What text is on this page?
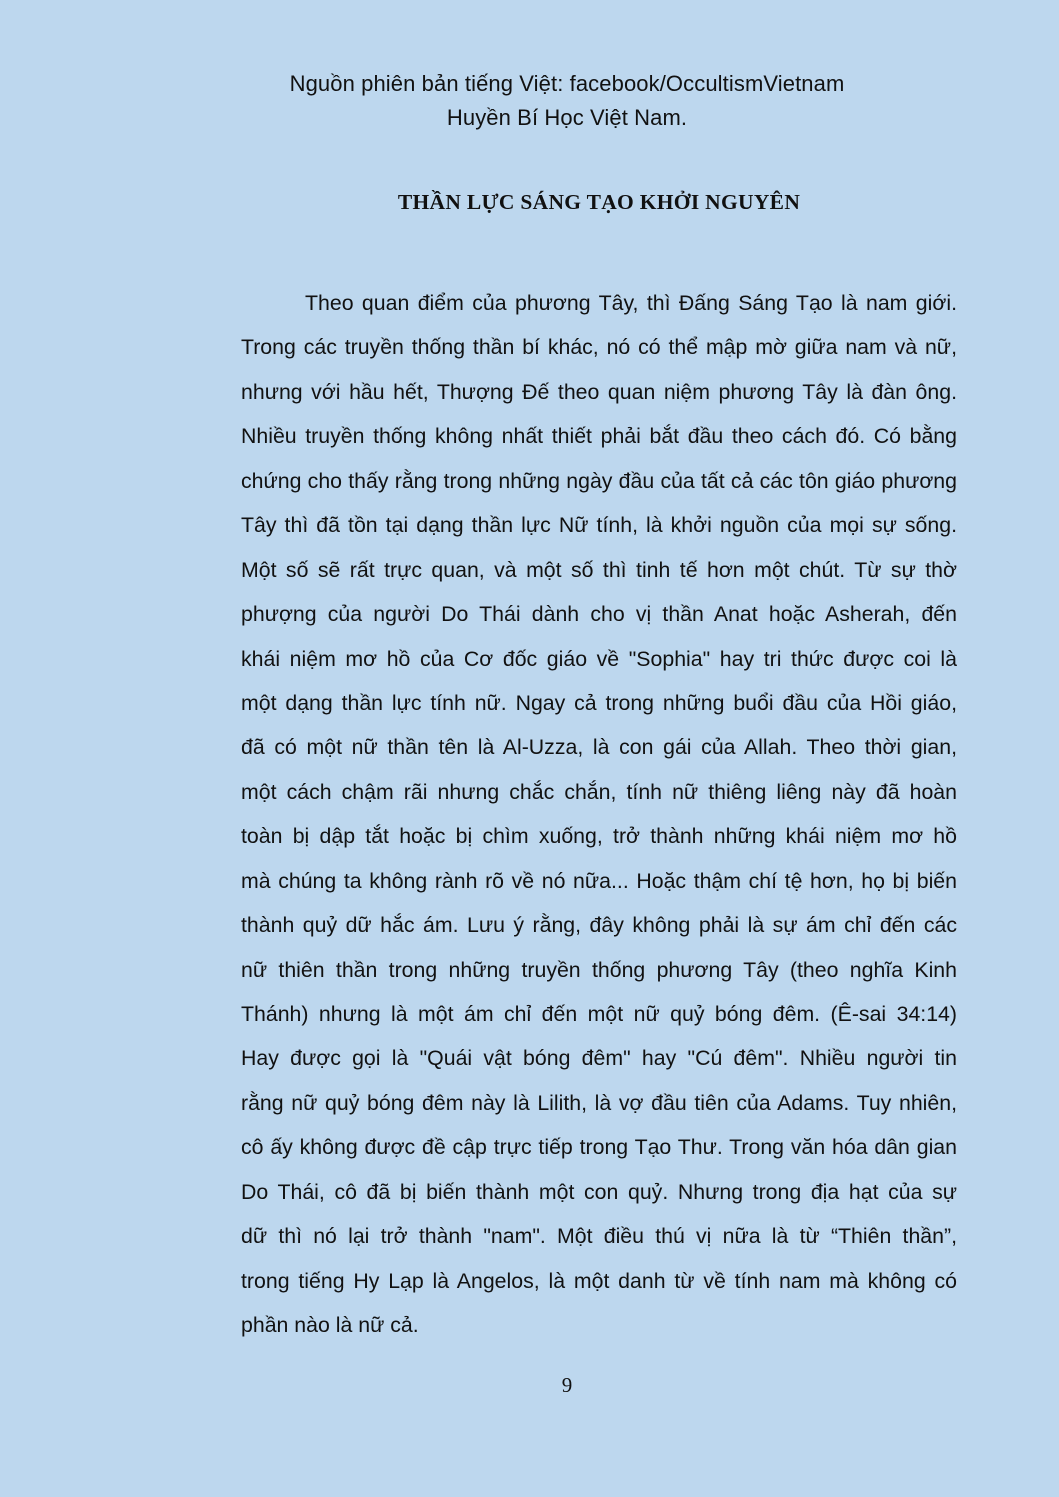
Nguồn phiên bản tiếng Việt: facebook/OccultismVietnam
Huyền Bí Học Việt Nam.
THẦN LỰC SÁNG TẠO KHỞI NGUYÊN
Theo quan điểm của phương Tây, thì Đấng Sáng Tạo là nam giới.
Trong các truyền thống thần bí khác, nó có thể mập mờ giữa nam và nữ,
nhưng với hầu hết, Thượng Đế theo quan niệm phương Tây là đàn ông.
Nhiều truyền thống không nhất thiết phải bắt đầu theo cách đó. Có bằng
chứng cho thấy rằng trong những ngày đầu của tất cả các tôn giáo phương
Tây thì đã tồn tại dạng thần lực Nữ tính, là khởi nguồn của mọi sự sống.
Một số sẽ rất trực quan, và một số thì tinh tế hơn một chút. Từ sự thờ
phượng của người Do Thái dành cho vị thần Anat hoặc Asherah, đến
khái niệm mơ hồ của Cơ đốc giáo về "Sophia" hay tri thức được coi là
một dạng thần lực tính nữ. Ngay cả trong những buổi đầu của Hồi giáo,
đã có một nữ thần tên là Al-Uzza, là con gái của Allah. Theo thời gian,
một cách chậm rãi nhưng chắc chắn, tính nữ thiêng liêng này đã hoàn
toàn bị dập tắt hoặc bị chìm xuống, trở thành những khái niệm mơ hồ
mà chúng ta không rành rõ về nó nữa... Hoặc thậm chí tệ hơn, họ bị biến
thành quỷ dữ hắc ám. Lưu ý rằng, đây không phải là sự ám chỉ đến các
nữ thiên thần trong những truyền thống phương Tây (theo nghĩa Kinh
Thánh) nhưng là một ám chỉ đến một nữ quỷ bóng đêm. (Ê-sai 34:14)
Hay được gọi là "Quái vật bóng đêm" hay "Cú đêm". Nhiều người tin
rằng nữ quỷ bóng đêm này là Lilith, là vợ đầu tiên của Adams. Tuy nhiên,
cô ấy không được đề cập trực tiếp trong Tạo Thư. Trong văn hóa dân gian
Do Thái, cô đã bị biến thành một con quỷ. Nhưng trong địa hạt của sự
dữ thì nó lại trở thành "nam". Một điều thú vị nữa là từ “Thiên thần”,
trong tiếng Hy Lạp là Angelos, là một danh từ về tính nam mà không có
phần nào là nữ cả.
9
